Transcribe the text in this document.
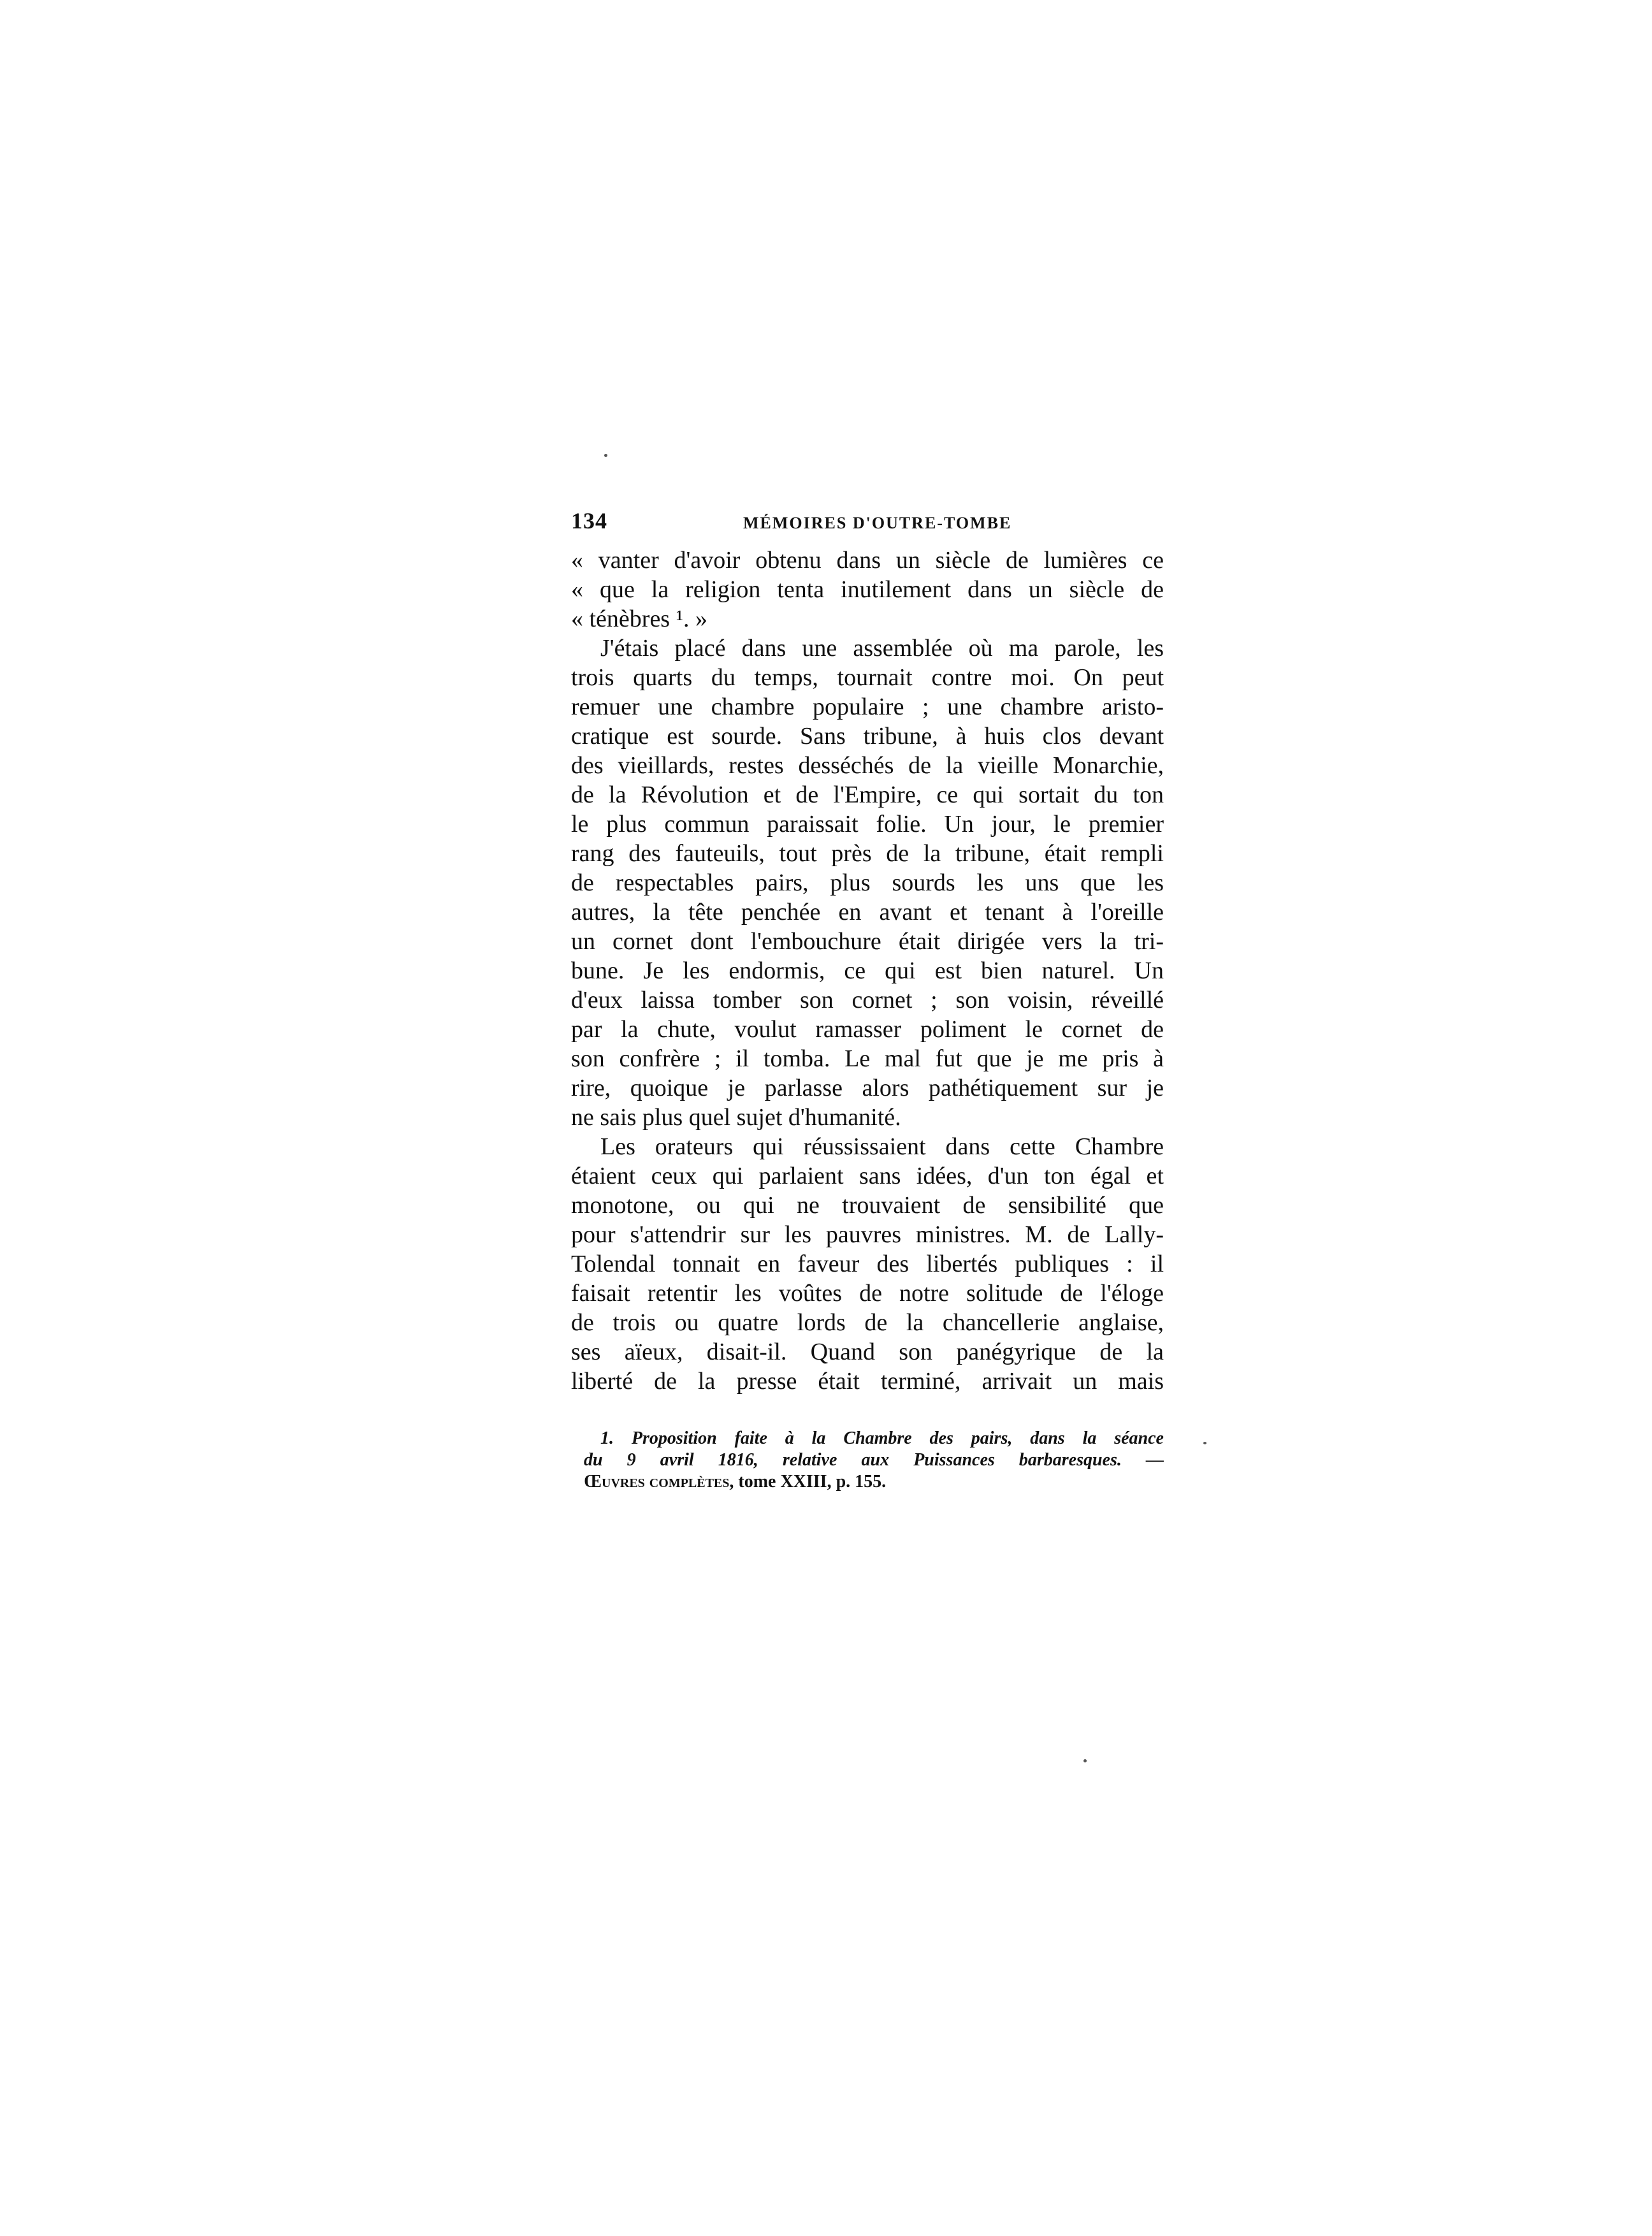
134	MÉMOIRES D'OUTRE-TOMBE
« vanter d'avoir obtenu dans un siècle de lumières ce
« que la religion tenta inutilement dans un siècle de
« ténèbres ¹. »
J'étais placé dans une assemblée où ma parole, les
trois quarts du temps, tournait contre moi. On peut
remuer une chambre populaire ; une chambre aristo-
cratique est sourde. Sans tribune, à huis clos devant
des vieillards, restes desséchés de la vieille Monarchie,
de la Révolution et de l'Empire, ce qui sortait du ton
le plus commun paraissait folie. Un jour, le premier
rang des fauteuils, tout près de la tribune, était rempli
de respectables pairs, plus sourds les uns que les
autres, la tête penchée en avant et tenant à l'oreille
un cornet dont l'embouchure était dirigée vers la tri-
bune. Je les endormis, ce qui est bien naturel. Un
d'eux laissa tomber son cornet ; son voisin, réveillé
par la chute, voulut ramasser poliment le cornet de
son confrère ; il tomba. Le mal fut que je me pris à
rire, quoique je parlasse alors pathétiquement sur je
ne sais plus quel sujet d'humanité.
Les orateurs qui réussissaient dans cette Chambre
étaient ceux qui parlaient sans idées, d'un ton égal et
monotone, ou qui ne trouvaient de sensibilité que
pour s'attendrir sur les pauvres ministres. M. de Lally-
Tolendal tonnait en faveur des libertés publiques : il
faisait retentir les voûtes de notre solitude de l'éloge
de trois ou quatre lords de la chancellerie anglaise,
ses aïeux, disait-il. Quand son panégyrique de la
liberté de la presse était terminé, arrivait un mais
1. Proposition faite à la Chambre des pairs, dans la séance
du 9 avril 1816, relative aux Puissances barbaresques. —
Œuvres complètes, tome XXIII, p. 155.
